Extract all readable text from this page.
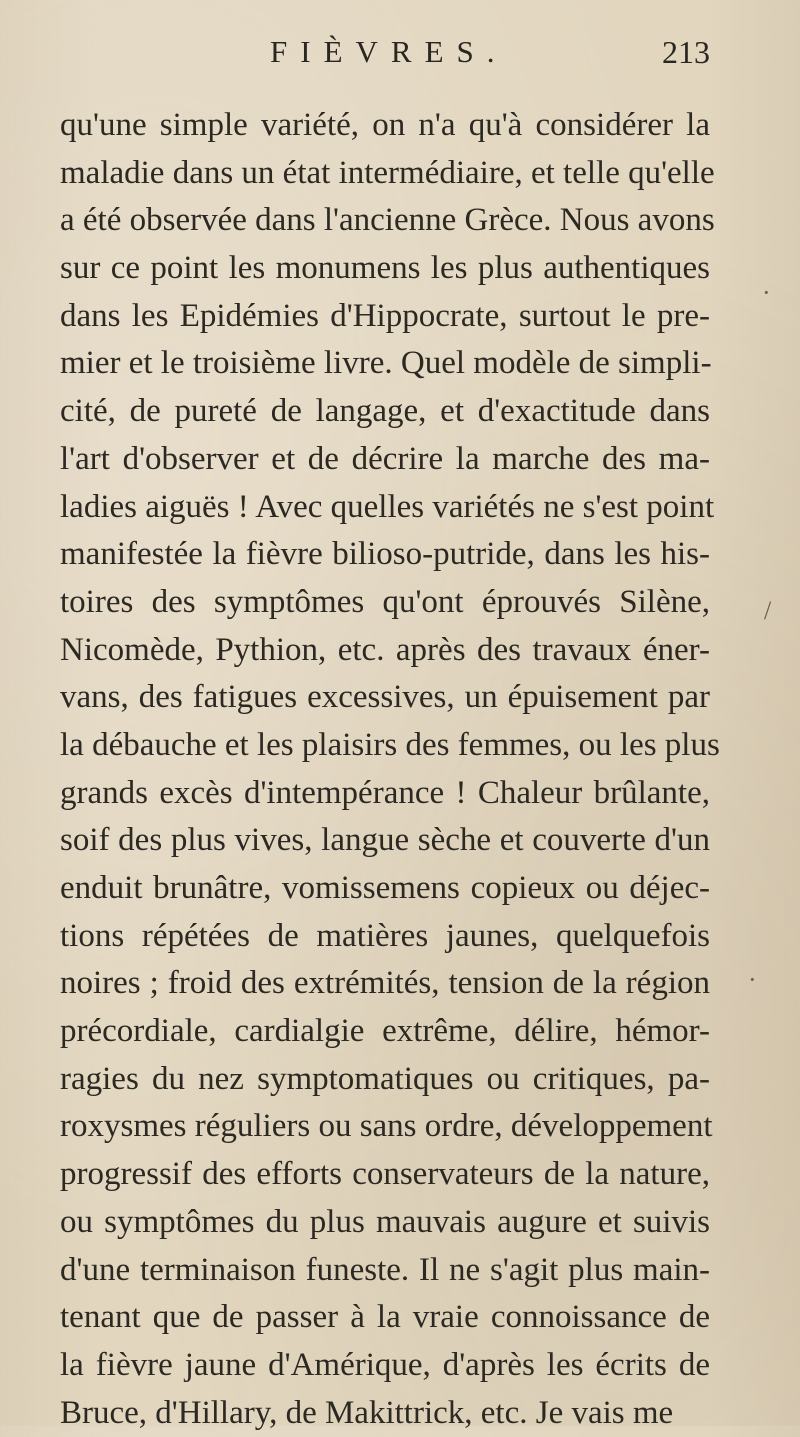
FIÈVRES.	213
qu'une simple variété, on n'a qu'à considérer la
maladie dans un état intermédiaire, et telle qu'elle
a été observée dans l'ancienne Grèce. Nous avons
sur ce point les monumens les plus authentiques
dans les Epidémies d'Hippocrate, surtout le pre-
mier et le troisième livre. Quel modèle de simpli-
cité, de pureté de langage, et d'exactitude dans
l'art d'observer et de décrire la marche des ma-
ladies aiguës ! Avec quelles variétés ne s'est point
manifestée la fièvre bilioso-putride, dans les his-
toires des symptômes qu'ont éprouvés Silène,
Nicomède, Pythion, etc. après des travaux éner-
vans, des fatigues excessives, un épuisement par
la débauche et les plaisirs des femmes, ou les plus
grands excès d'intempérance ! Chaleur brûlante,
soif des plus vives, langue sèche et couverte d'un
enduit brunâtre, vomissemens copieux ou déjec-
tions répétées de matières jaunes, quelquefois
noires ; froid des extrémités, tension de la région
précordiale, cardialgie extrême, délire, hémor-
ragies du nez symptomatiques ou critiques, pa-
roxysmes réguliers ou sans ordre, développement
progressif des efforts conservateurs de la nature,
ou symptômes du plus mauvais augure et suivis
d'une terminaison funeste. Il ne s'agit plus main-
tenant que de passer à la vraie connoissance de
la fièvre jaune d'Amérique, d'après les écrits de
Bruce, d'Hillary, de Makittrick, etc. Je vais me
·
/
·
